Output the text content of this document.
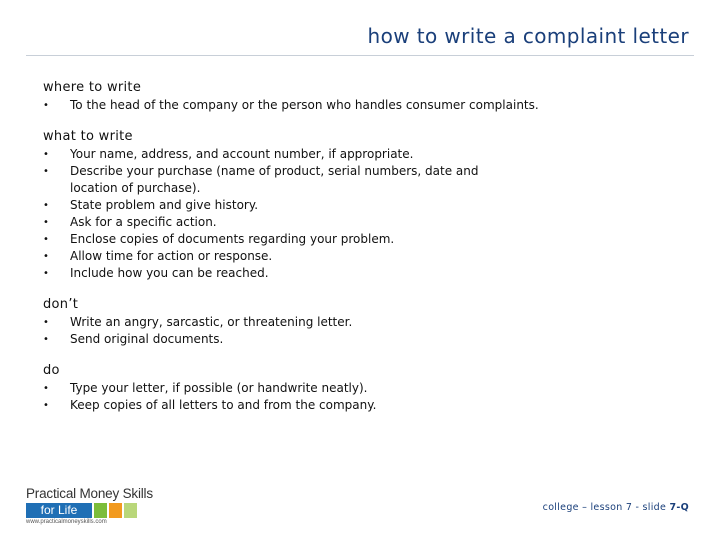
how to write a complaint letter
where to write
• To the head of the company or the person who handles consumer complaints.
what to write
• Your name, address, and account number, if appropriate.
• Describe your purchase (name of product, serial numbers, date and location of purchase).
• State problem and give history.
• Ask for a specific action.
• Enclose copies of documents regarding your problem.
• Allow time for action or response.
• Include how you can be reached.
don’t
• Write an angry, sarcastic, or threatening letter.
• Send original documents.
do
• Type your letter, if possible (or handwrite neatly).
• Keep copies of all letters to and from the company.
Practical Money Skills
for Life
www.practicalmoneyskills.com
college – lesson 7 - slide 7-Q
